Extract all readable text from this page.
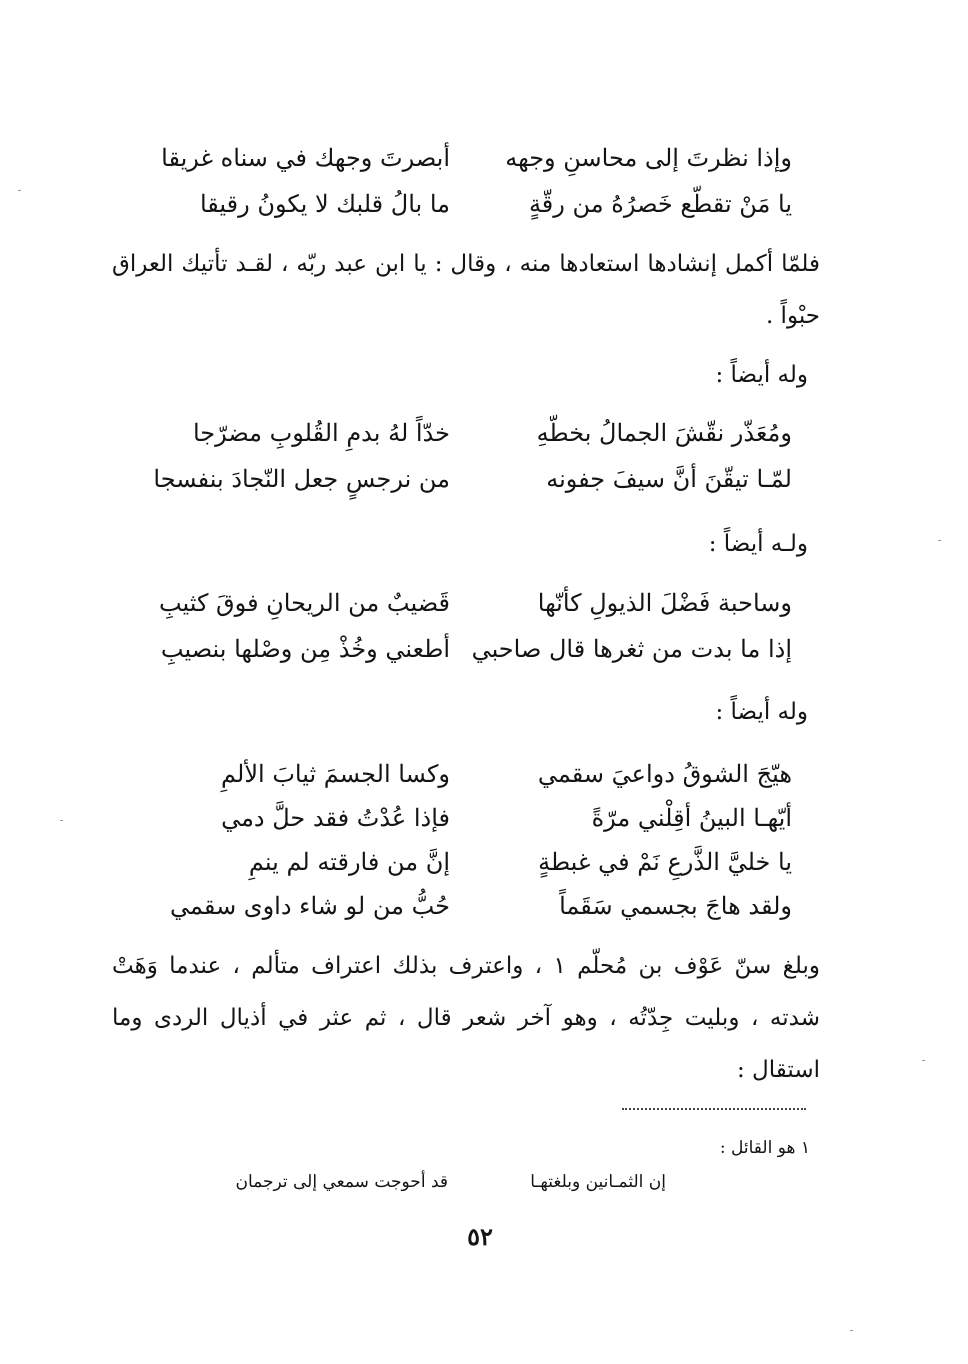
وإذا نظرتَ إلى محاسنِ وجهه
أبصرتَ وجهك في سناه غريقا
يا مَنْ تقطّع خَصرُهُ من رقّةٍ
ما بالُ قلبك لا يكونُ رقيقا
فلمّا أكمل إنشادها استعادها منه ، وقال : يا ابن عبد ربّه ، لقـد تأتيك العراق حبْواً .
وله أيضاً :
ومُعَذّر نقّشَ الجمالُ بخطّهِ
خدّاً لهُ بدمِ القُلوبِ مضرّجا
لمّـا تيقّنَ أنَّ سيفَ جفونه
من نرجسٍ جعل النّجادَ بنفسجا
ولـه أيضاً :
وساحبة فَضْلَ الذيولِ كأنّها
قَضيبٌ من الريحانِ فوقَ كثيبِ
إذا ما بدت من ثغرها قال صاحبي
أطعني وخُذْ مِن وصْلها بنصيبِ
وله أيضاً :
هيّجَ الشوقُ دواعيَ سقمي
وكسا الجسمَ ثيابَ الألمِ
أيّهـا البينُ أقِلْني مرّةً
فإذا عُدْتُ فقد حلَّ دمي
يا خليَّ الذَّرعِ نَمْ في غبطةٍ
إنَّ من فارقته لم ينمِ
ولقد هاجَ بجسمي سَقَماً
حُبُّ من لو شاء داوى سقمي
وبلغ سنّ عَوْف بن مُحلّم ١ ، واعترف بذلك اعتراف متألم ، عندما وَهَتْ شدته ، وبليت جِدّتُه ، وهو آخر شعر قال ، ثم عثر في أذيال الردى وما استقال :
١ هو القائل :
إن الثمـانين وبلغتهـا
قد أحوجت سمعي إلى ترجمان
٥٢
